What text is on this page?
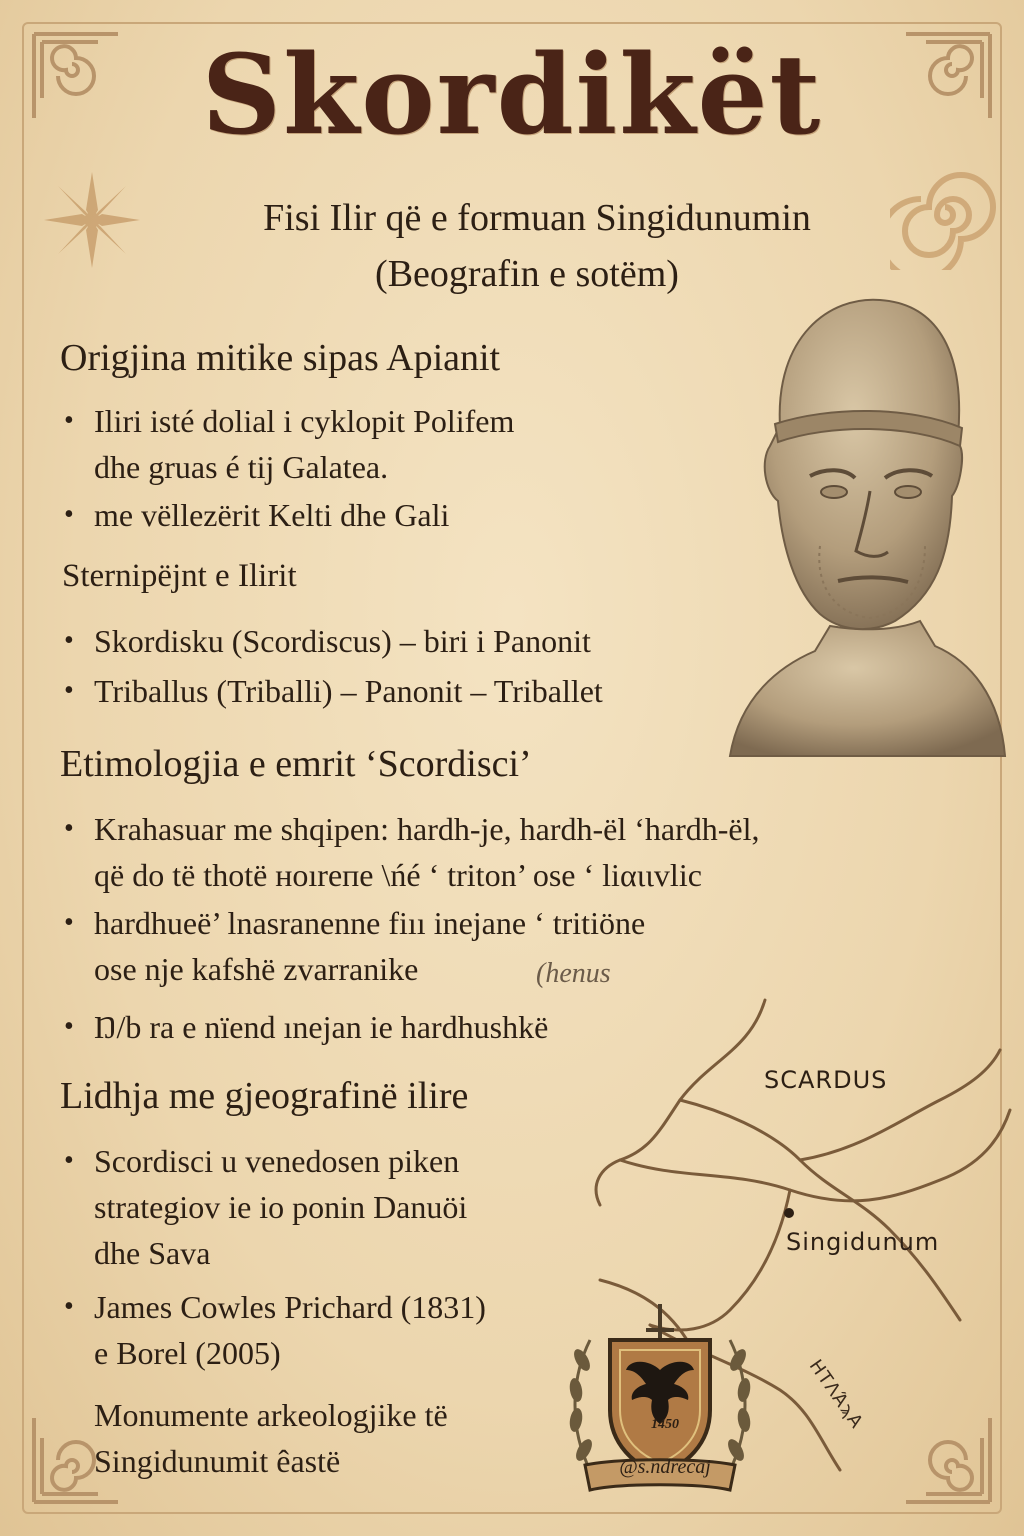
Skordikët
Fisi Ilir që e formuan Singidunumin
(Beografin e sotëm)
Origjina mitike sipas Apianit
• Iliri isté dolial i cyklopit Polifem
dhe gruas é tij Galatea.
• me vëllezërit Kelti dhe Gali
Sternipëjnt e Ilirit
• Skordisku (Scordiscus) – biri i Panonit
• Triballus (Triballi) – Panonit – Triballet
Etimologjia e emrit ‘Scordisci’
• Krahasuar me shqipen: hardh-je, hardh-ël ‘hardh-ël,
që do të thotë ноıreпе \ńé ‘ triton’ ose ‘ liαιιvlic
• hardhueë’ lnasranenne fiıı inejane ‘ tritiöne
ose nje kafshë zvarranike	(hепиs
• Ŋ/b ra e nïend ınejan ie hardhushkë
SCARDUS
Singidunum
ΗΤΛΆϡΑ
Lidhja me gjeografinë ilire
• Scordisci u venedosen piken
strategiov ie io ponin Danuöi
dhe Sava
• James Cowles Prichard (1831)
e Borel (2005)
Monumente arkeologjike të
Singidunumit êastë
1450
@s.ndrecaj
